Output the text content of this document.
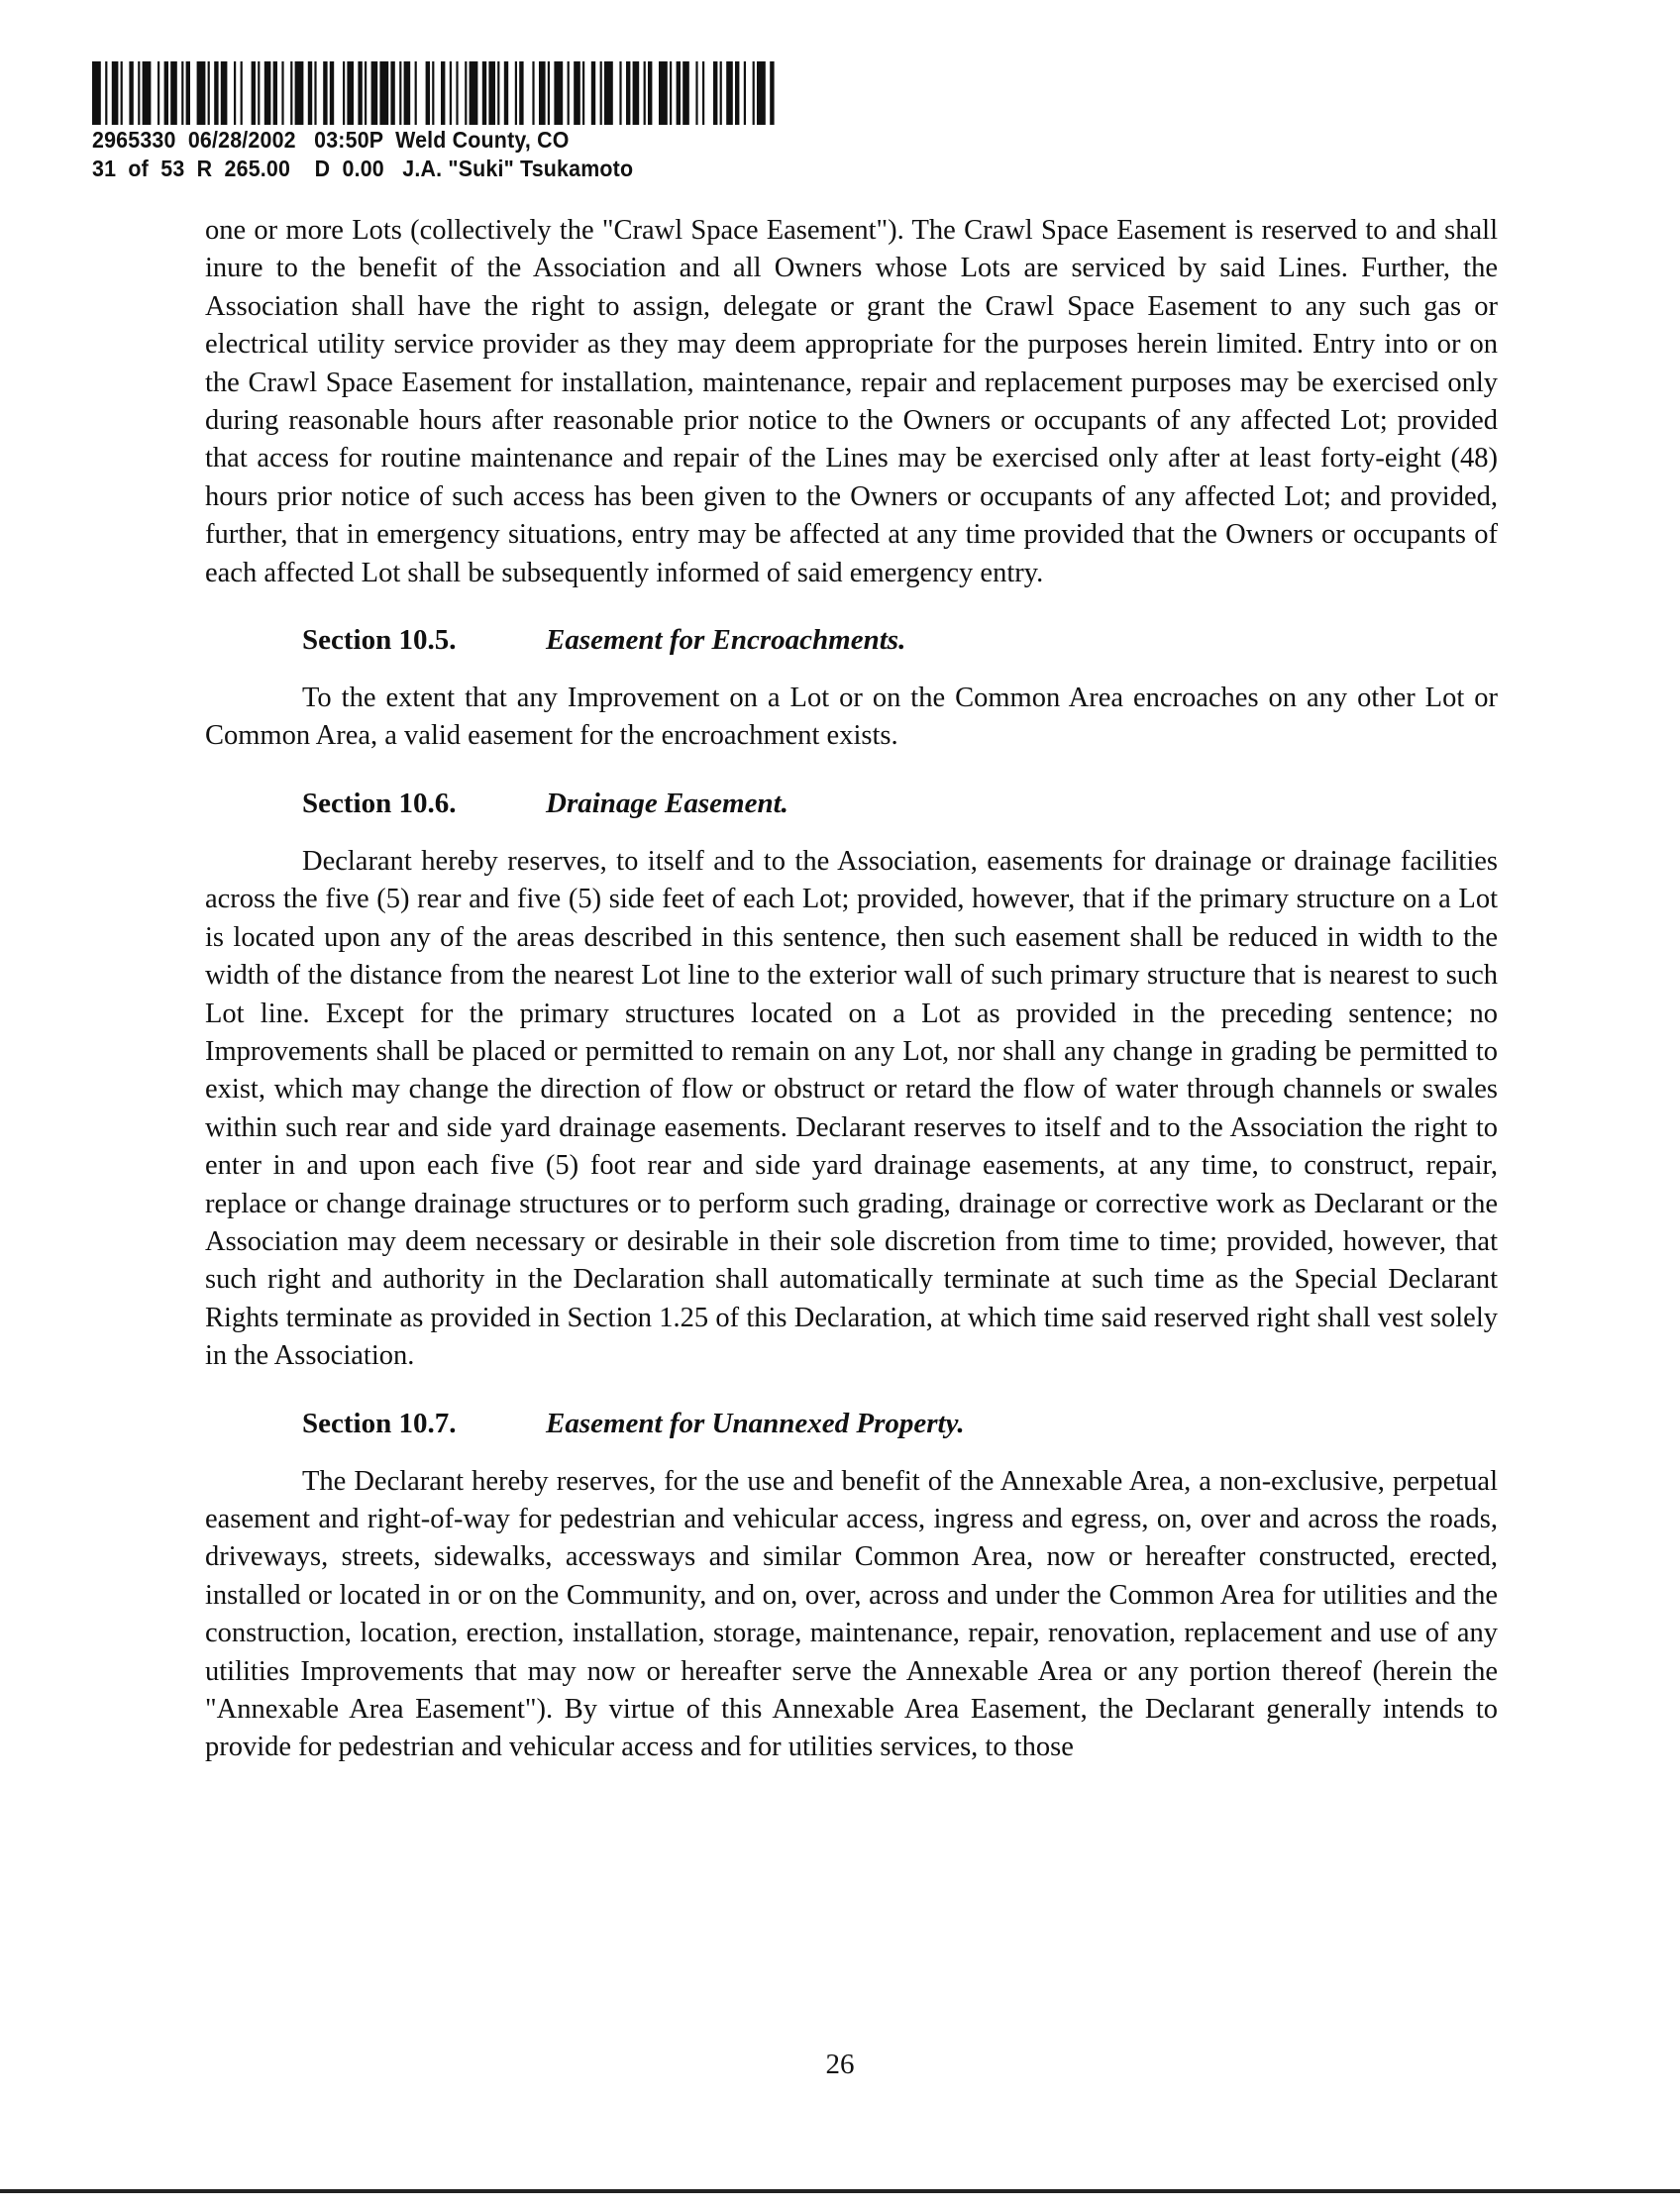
2965330  06/28/2002   03:50P  Weld County, CO
31  of  53  R  265.00    D  0.00   J.A. "Suki" Tsukamoto

one or more Lots (collectively the "Crawl Space Easement"). The Crawl Space Easement is reserved to and shall inure to the benefit of the Association and all Owners whose Lots are serviced by said Lines. Further, the Association shall have the right to assign, delegate or grant the Crawl Space Easement to any such gas or electrical utility service provider as they may deem appropriate for the purposes herein limited. Entry into or on the Crawl Space Easement for installation, maintenance, repair and replacement purposes may be exercised only during reasonable hours after reasonable prior notice to the Owners or occupants of any affected Lot; provided that access for routine maintenance and repair of the Lines may be exercised only after at least forty-eight (48) hours prior notice of such access has been given to the Owners or occupants of any affected Lot; and provided, further, that in emergency situations, entry may be affected at any time provided that the Owners or occupants of each affected Lot shall be subsequently informed of said emergency entry.

Section 10.5.	Easement for Encroachments.

To the extent that any Improvement on a Lot or on the Common Area encroaches on any other Lot or Common Area, a valid easement for the encroachment exists.

Section 10.6.	Drainage Easement.

Declarant hereby reserves, to itself and to the Association, easements for drainage or drainage facilities across the five (5) rear and five (5) side feet of each Lot; provided, however, that if the primary structure on a Lot is located upon any of the areas described in this sentence, then such easement shall be reduced in width to the width of the distance from the nearest Lot line to the exterior wall of such primary structure that is nearest to such Lot line. Except for the primary structures located on a Lot as provided in the preceding sentence; no Improvements shall be placed or permitted to remain on any Lot, nor shall any change in grading be permitted to exist, which may change the direction of flow or obstruct or retard the flow of water through channels or swales within such rear and side yard drainage easements. Declarant reserves to itself and to the Association the right to enter in and upon each five (5) foot rear and side yard drainage easements, at any time, to construct, repair, replace or change drainage structures or to perform such grading, drainage or corrective work as Declarant or the Association may deem necessary or desirable in their sole discretion from time to time; provided, however, that such right and authority in the Declaration shall automatically terminate at such time as the Special Declarant Rights terminate as provided in Section 1.25 of this Declaration, at which time said reserved right shall vest solely in the Association.

Section 10.7.	Easement for Unannexed Property.

The Declarant hereby reserves, for the use and benefit of the Annexable Area, a non-exclusive, perpetual easement and right-of-way for pedestrian and vehicular access, ingress and egress, on, over and across the roads, driveways, streets, sidewalks, accessways and similar Common Area, now or hereafter constructed, erected, installed or located in or on the Community, and on, over, across and under the Common Area for utilities and the construction, location, erection, installation, storage, maintenance, repair, renovation, replacement and use of any utilities Improvements that may now or hereafter serve the Annexable Area or any portion thereof (herein the "Annexable Area Easement"). By virtue of this Annexable Area Easement, the Declarant generally intends to provide for pedestrian and vehicular access and for utilities services, to those

26
